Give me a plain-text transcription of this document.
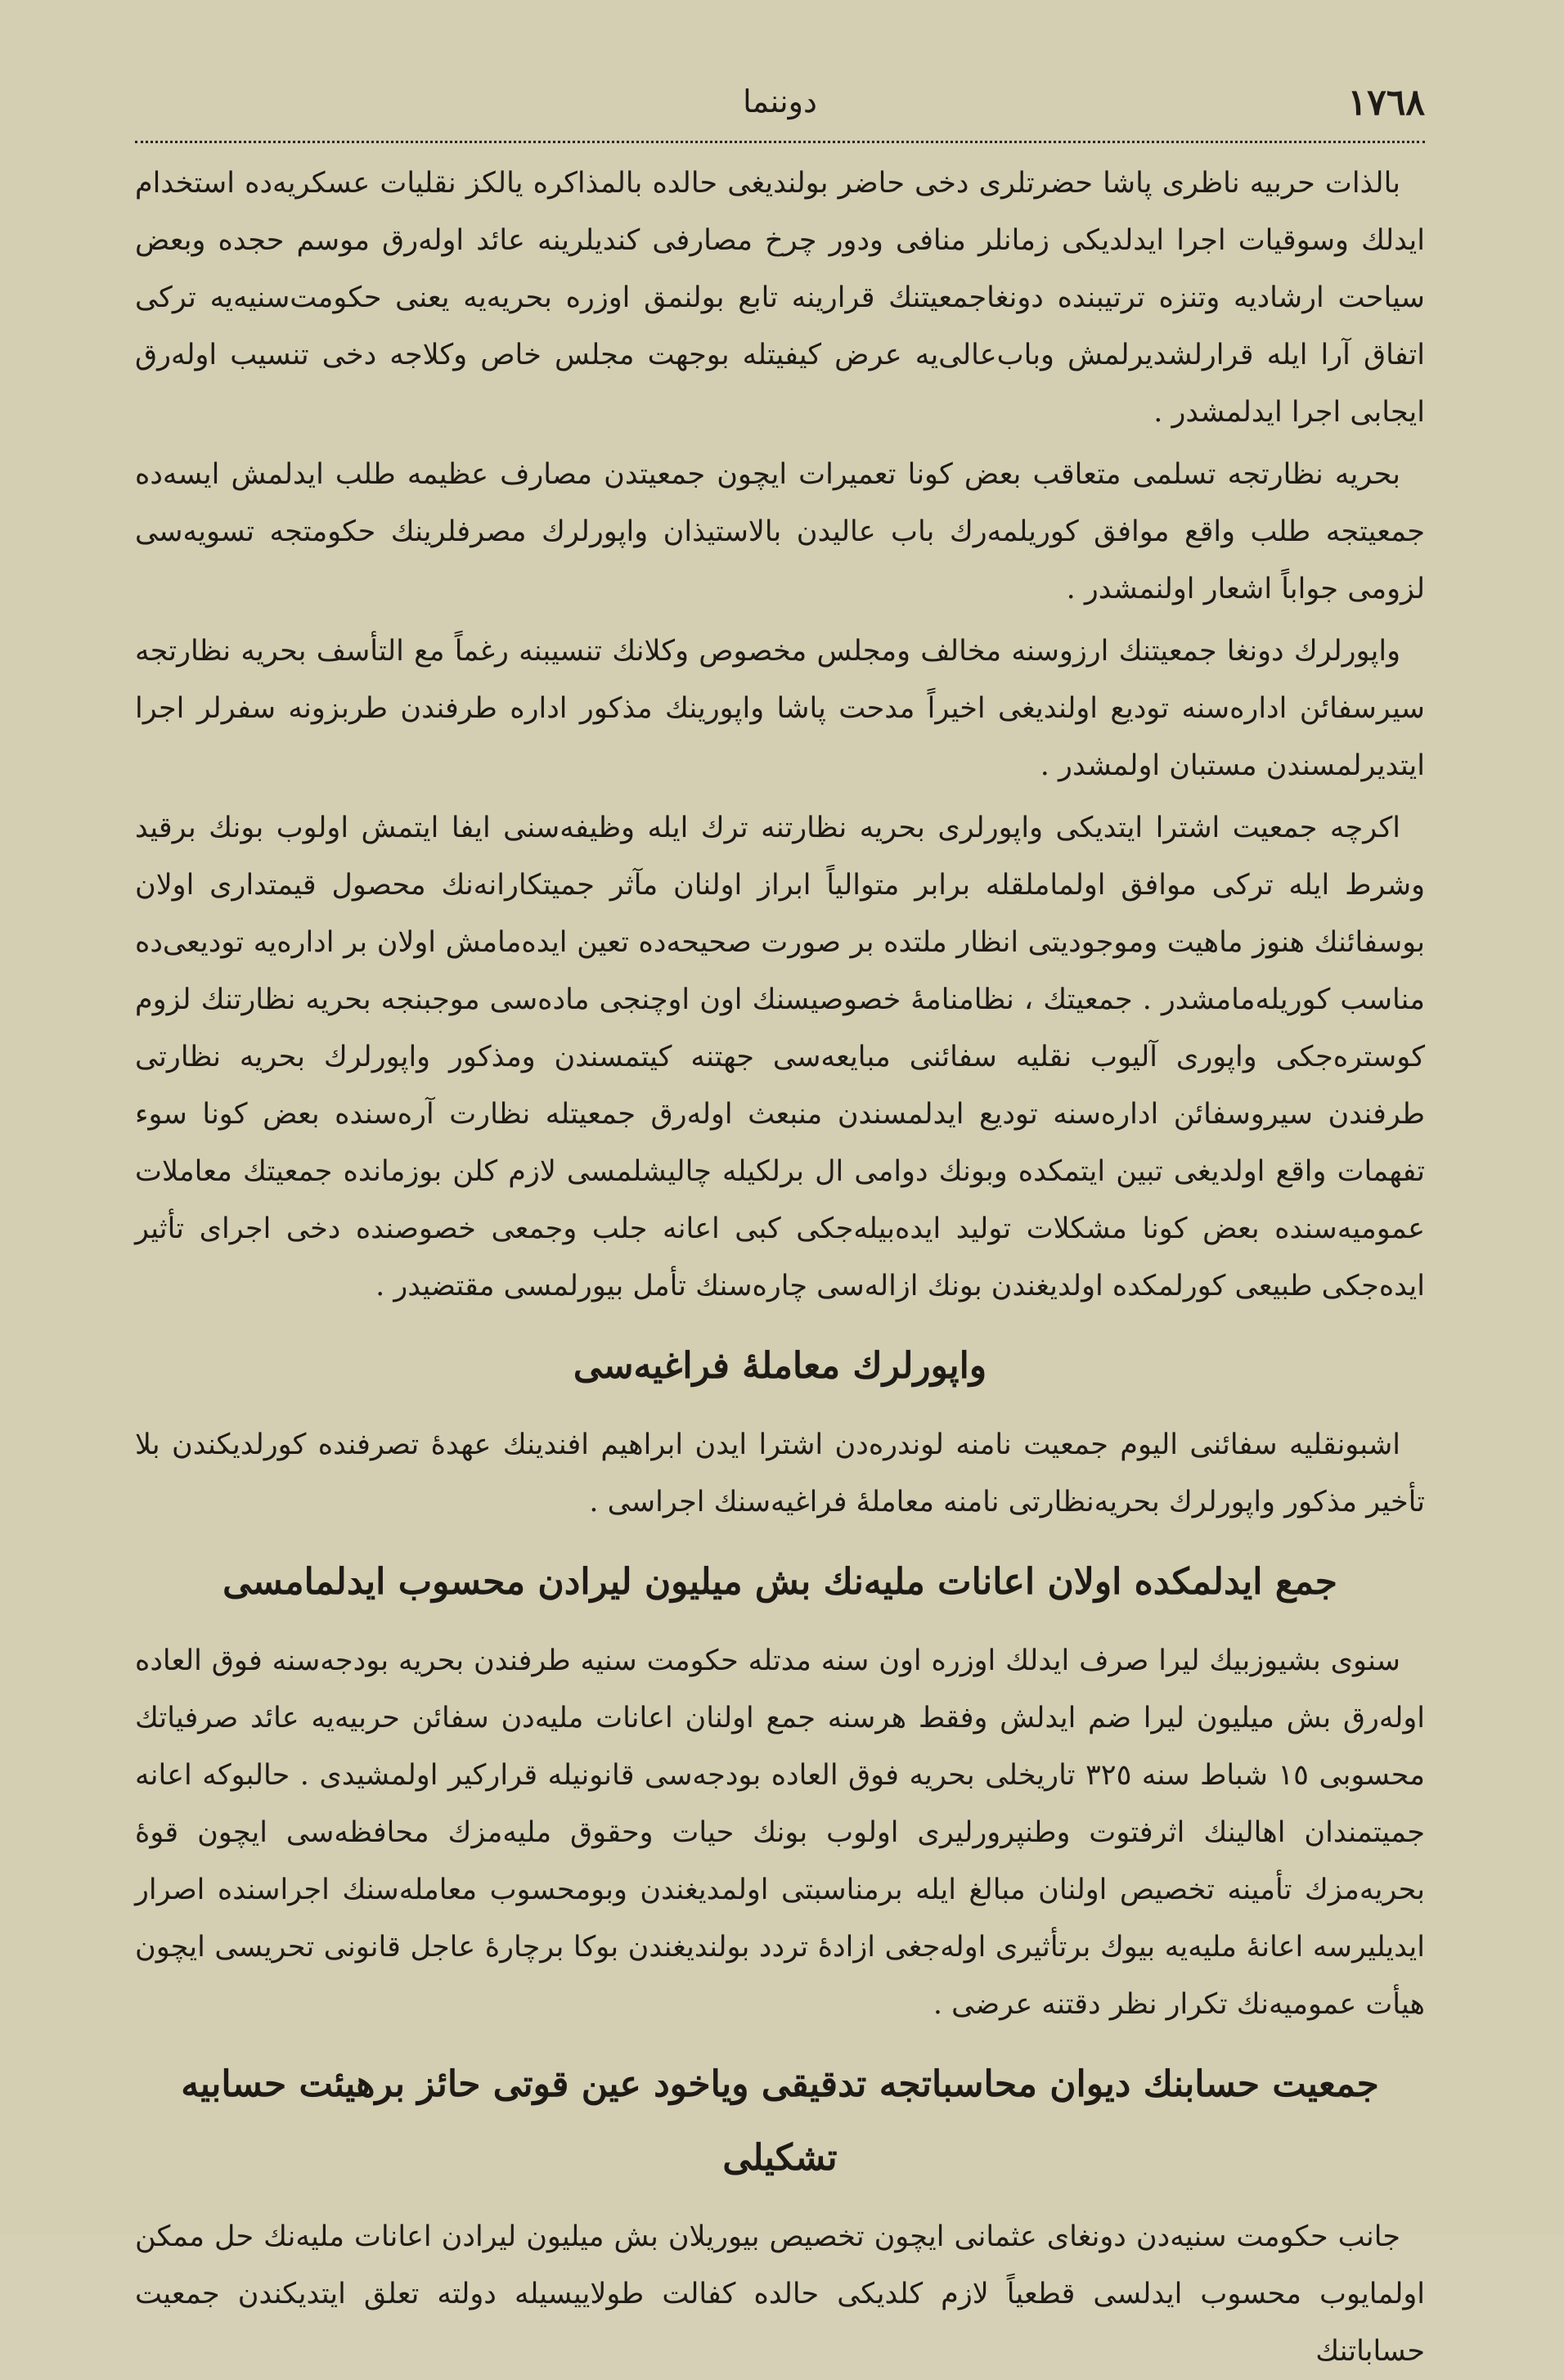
دوننما	١٧٦٨

بالذات حربیه ناظری پاشا حضرتلری دخی حاضر بولندیغی حالده بالمذاکره یالکز نقلیات عسکریه‌ده استخدام ایدلك وسوقیات اجرا ایدلدیکی زمانلر منافی ودور چرخ مصارفی کندیلرینه عائد اوله‌رق موسم حجده وبعض سیاحت ارشادیه وتنزه ترتیبنده دونغاجمعیتنك قرارینه تابع بولنمق اوزره بحریه‌یه یعنی حکومت‌سنیه‌یه ترکی اتفاق آرا ایله قرارلشدیرلمش وباب‌عالی‌یه عرض کیفیتله بوجهت مجلس خاص وکلاجه دخی تنسیب اوله‌رق ایجابی اجرا ایدلمشدر .

بحریه نظارتجه تسلمی متعاقب بعض کونا تعمیرات ایچون جمعیتدن مصارف عظیمه طلب ایدلمش ایسه‌ده جمعیتجه طلب واقع موافق کوریلمه‌رك باب عالیدن بالاستیذان واپورلرك مصرفلرینك حکومتجه تسویه‌سی لزومی جواباً اشعار اولنمشدر .

واپورلرك دونغا جمعیتنك ارزوسنه مخالف ومجلس مخصوص وکلانك تنسیبنه رغماً مع التأسف بحریه نظارتجه سیرسفائن اداره‌سنه تودیع اولندیغی اخیراً مدحت پاشا واپورینك مذکور اداره طرفندن طربزونه سفرلر اجرا ایتدیرلمسندن مستبان اولمشدر .

اکرچه جمعیت اشترا ایتدیکی واپورلری بحریه نظارتنه ترك ایله وظیفه‌سنی ایفا ایتمش اولوب بونك برقید وشرط ایله ترکی موافق اولماملقله برابر متوالیاً ابراز اولنان مآثر جمیتکارانه‌نك محصول قیمتداری اولان بوسفائنك هنوز ماهیت وموجودیتی انظار ملتده بر صورت صحیحه‌ده تعین ایده‌مامش اولان بر اداره‌یه تودیعی‌ده مناسب کوریله‌مامشدر . جمعیتك ، نظامنامهٔ خصوصیسنك اون اوچنجی ماده‌سی موجبنجه بحریه نظارتنك لزوم کوستره‌جکی واپوری آلیوب نقلیه سفائنی مبایعه‌سی جهتنه کیتمسندن ومذکور واپورلرك بحریه نظارتی طرفندن سیروسفائن اداره‌سنه تودیع ایدلمسندن منبعث اوله‌رق جمعیتله نظارت آره‌سنده بعض کونا سوء تفهمات واقع اولدیغی تبین ایتمکده وبونك دوامی ال برلکیله چالیشلمسی لازم کلن بوزمانده جمعیتك معاملات عمومیه‌سنده بعض کونا مشکلات تولید ایده‌بیله‌جکی کبی اعانه جلب وجمعی خصوصنده دخی اجرای تأثیر ایده‌جکی طبیعی کورلمکده اولدیغندن بونك ازاله‌سی چاره‌سنك تأمل بیورلمسی مقتضیدر .

واپورلرك معاملهٔ فراغیه‌سی

اشبونقلیه سفائنی الیوم جمعیت نامنه لوندره‌دن اشترا ایدن ابراهیم افندینك عهدهٔ تصرفنده کورلدیکندن بلا تأخیر مذکور واپورلرك بحریه‌نظارتی نامنه معاملهٔ فراغیه‌سنك اجراسی .

جمع ایدلمکده اولان اعانات ملیه‌نك بش میلیون لیرادن محسوب ایدلمامسی

سنوی بشیوزبیك لیرا صرف ایدلك اوزره اون سنه مدتله حکومت سنیه طرفندن بحریه بودجه‌سنه فوق العاده اوله‌رق بش میلیون لیرا ضم ایدلش وفقط هرسنه جمع اولنان اعانات ملیه‌دن سفائن حربیه‌یه عائد صرفیاتك محسوبی ١٥ شباط سنه ٣٢٥ تاریخلی بحریه فوق العاده بودجه‌سی قانونیله قرارکیر اولمشیدی . حالبوکه اعانه جمیتمندان اهالینك اثرفتوت وطنپرورلیری اولوب بونك حیات وحقوق ملیه‌مزك محافظه‌سی ایچون قوهٔ بحریه‌مزك تأمینه تخصیص اولنان مبالغ ایله برمناسبتی اولمدیغندن وبومحسوب معامله‌سنك اجراسنده اصرار ایدیلیرسه اعانهٔ ملیه‌یه بیوك برتأثیری اوله‌جغی ازادهٔ تردد بولندیغندن بوکا برچارهٔ عاجل قانونی تحریسی ایچون هیأت عمومیه‌نك تکرار نظر دقتنه عرضی .

جمعیت حسابنك دیوان محاسباتجه تدقیقی ویاخود عین قوتی حائز برهیئت حسابیه تشکیلی

جانب حکومت سنیه‌دن دونغای عثمانی ایچون تخصیص بیوریلان بش میلیون لیرادن اعانات ملیه‌نك حل ممکن اولمایوب محسوب ایدلسی قطعیاً لازم کلدیکی حالده کفالت طولاییسیله دولته تعلق ایتدیکندن جمعیت حساباتنك
